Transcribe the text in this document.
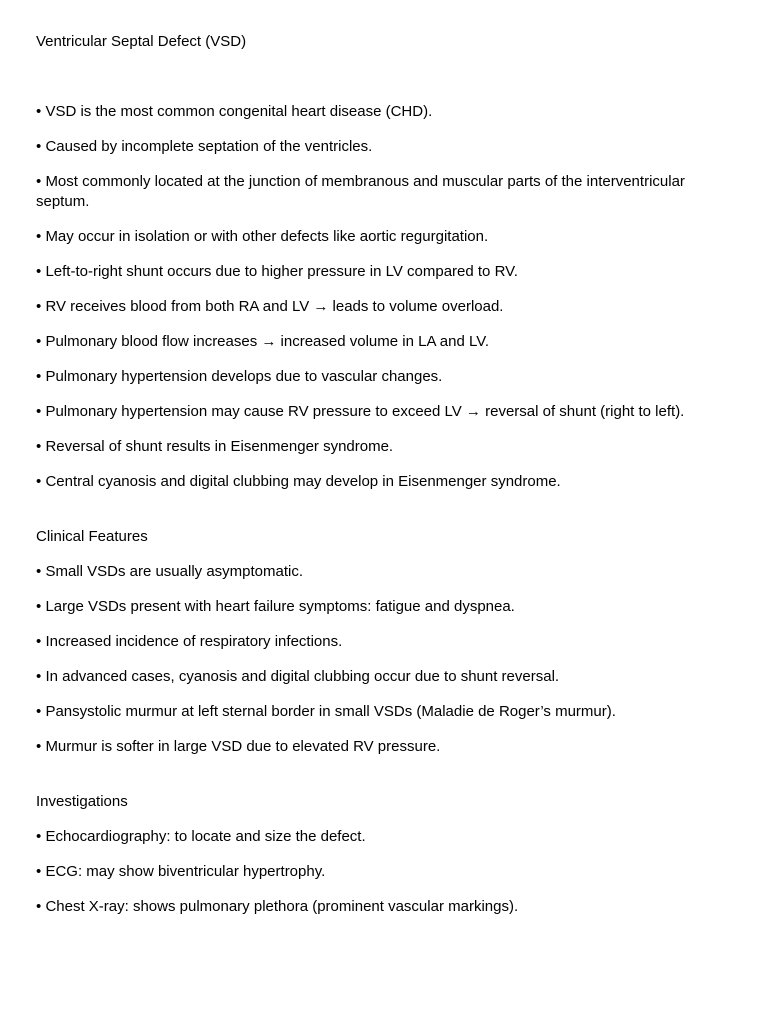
Ventricular Septal Defect (VSD)
• VSD is the most common congenital heart disease (CHD).
• Caused by incomplete septation of the ventricles.
• Most commonly located at the junction of membranous and muscular parts of the interventricular septum.
• May occur in isolation or with other defects like aortic regurgitation.
• Left-to-right shunt occurs due to higher pressure in LV compared to RV.
• RV receives blood from both RA and LV → leads to volume overload.
• Pulmonary blood flow increases → increased volume in LA and LV.
• Pulmonary hypertension develops due to vascular changes.
• Pulmonary hypertension may cause RV pressure to exceed LV → reversal of shunt (right to left).
• Reversal of shunt results in Eisenmenger syndrome.
• Central cyanosis and digital clubbing may develop in Eisenmenger syndrome.
Clinical Features
• Small VSDs are usually asymptomatic.
• Large VSDs present with heart failure symptoms: fatigue and dyspnea.
• Increased incidence of respiratory infections.
• In advanced cases, cyanosis and digital clubbing occur due to shunt reversal.
• Pansystolic murmur at left sternal border in small VSDs (Maladie de Roger’s murmur).
• Murmur is softer in large VSD due to elevated RV pressure.
Investigations
• Echocardiography: to locate and size the defect.
• ECG: may show biventricular hypertrophy.
• Chest X-ray: shows pulmonary plethora (prominent vascular markings).
